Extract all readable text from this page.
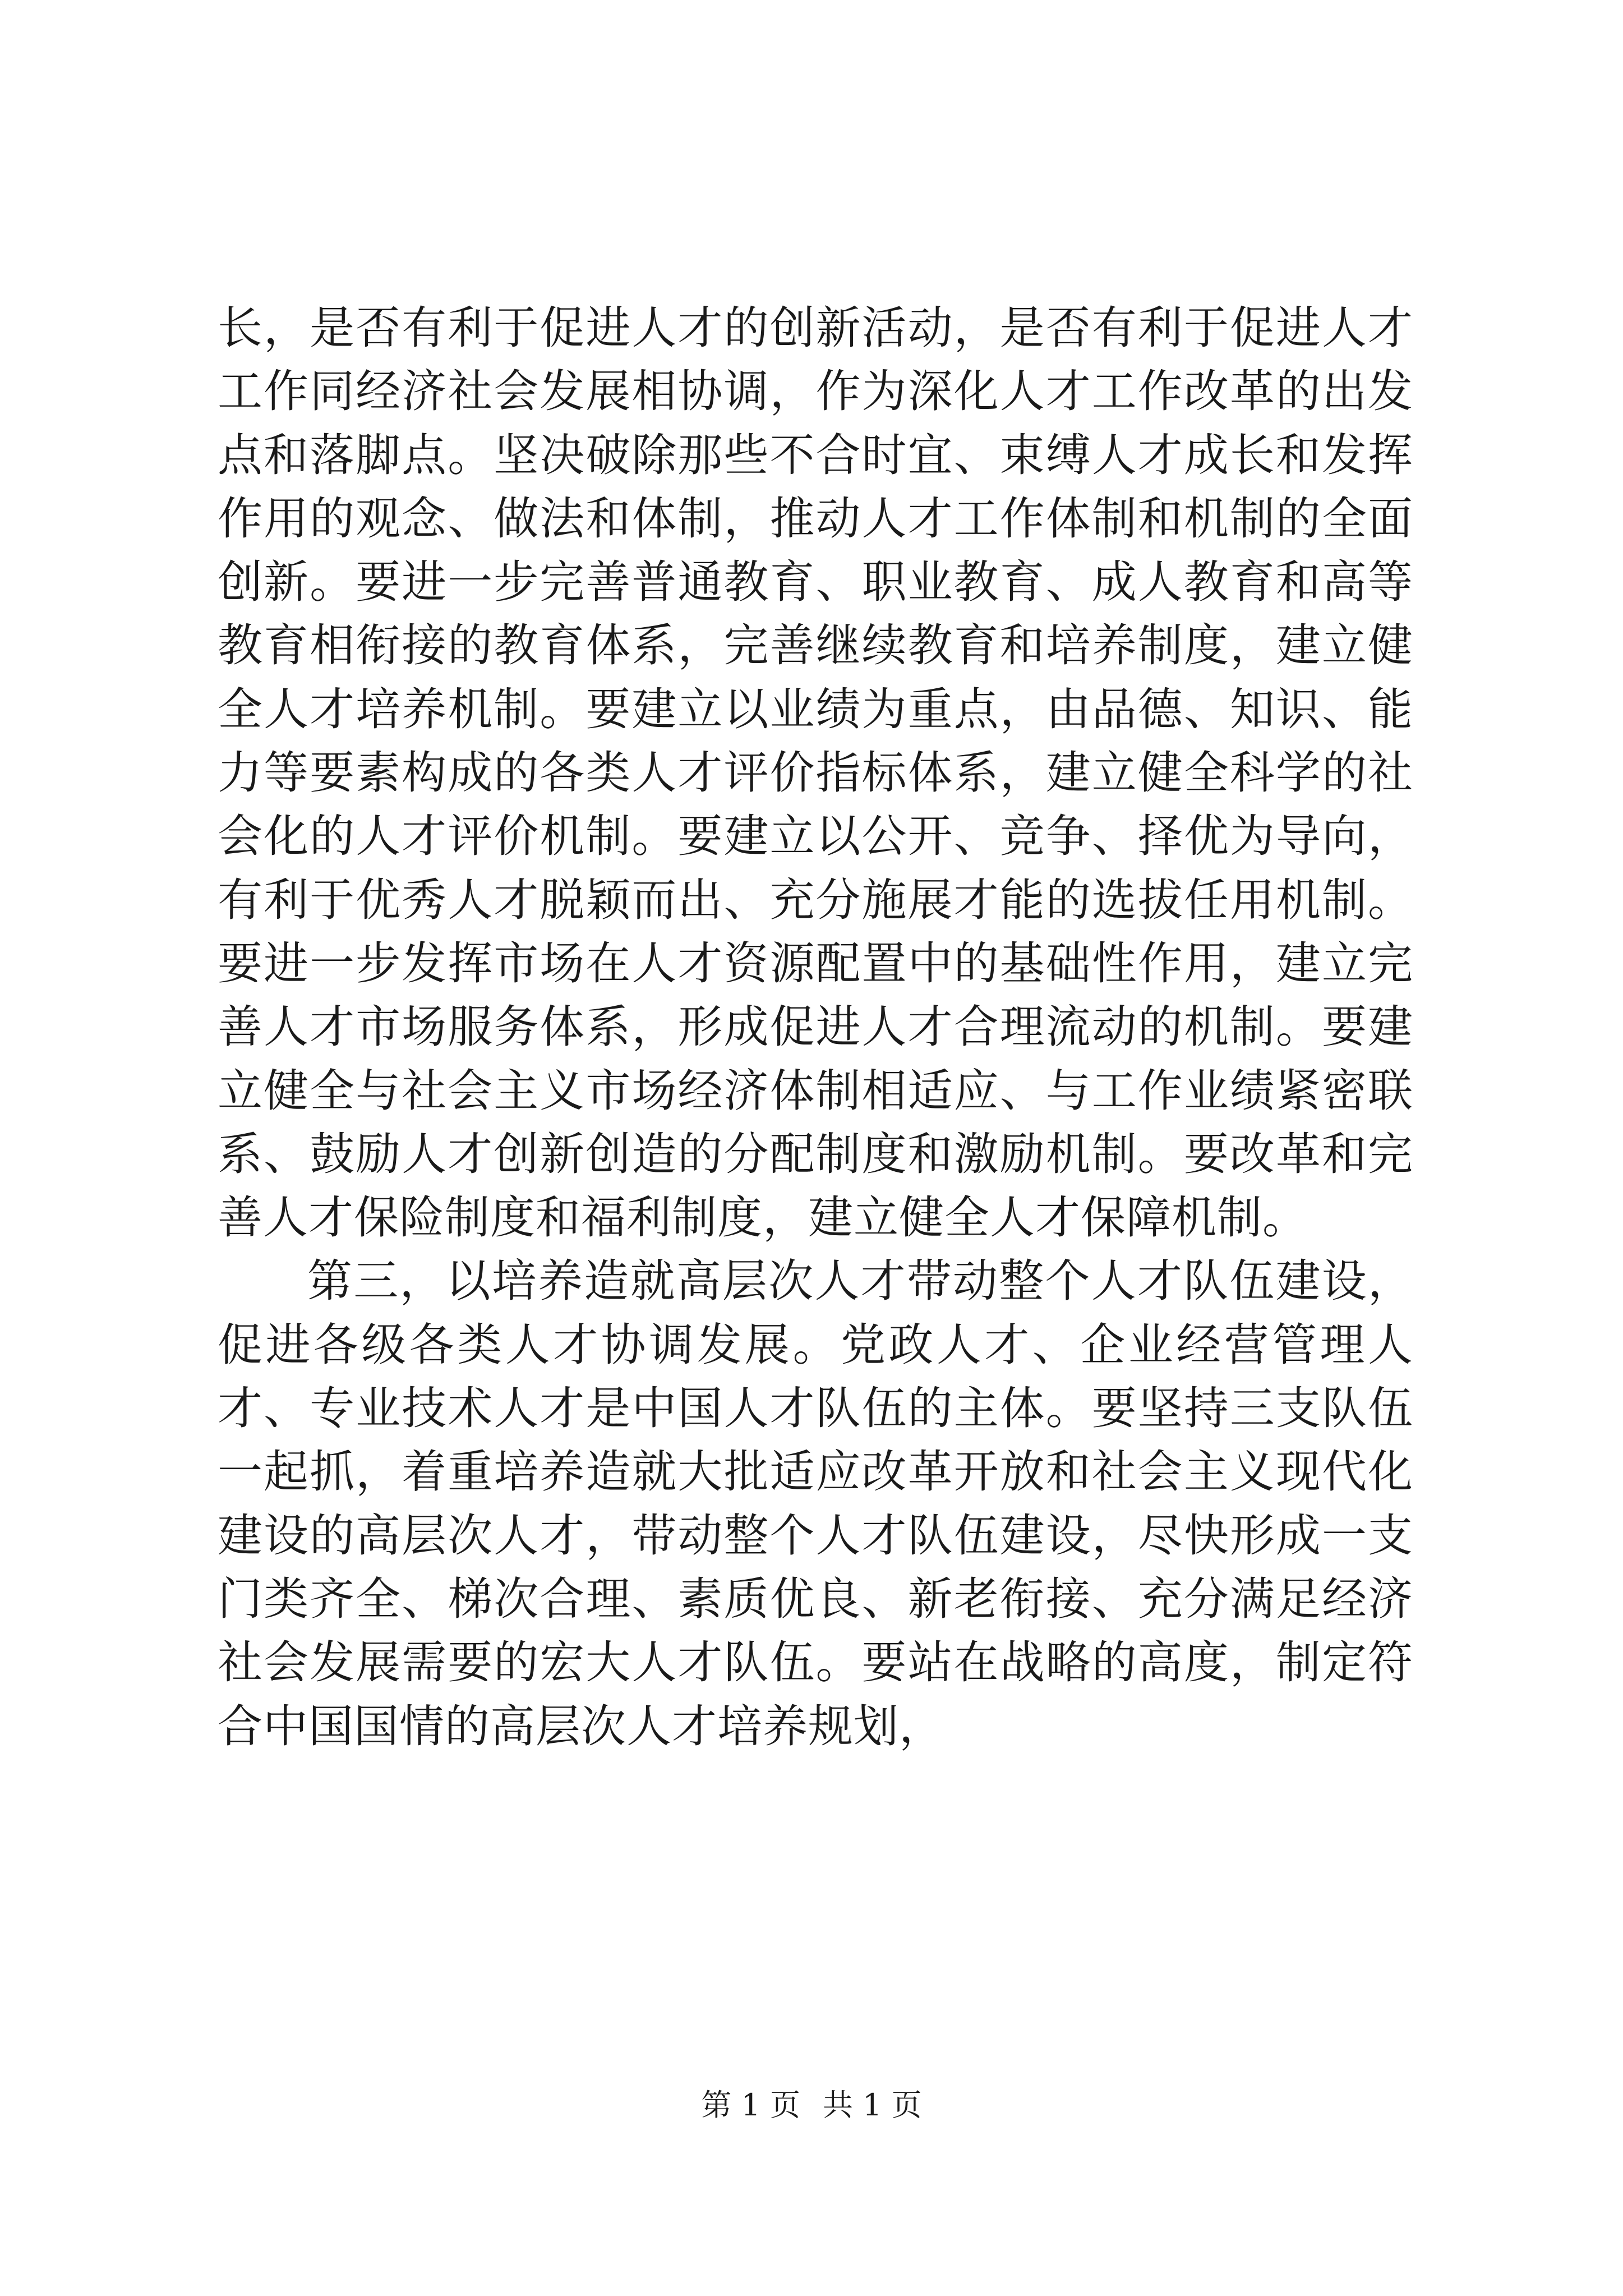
长，是否有利于促进人才的创新活动，是否有利于促进人才工作同经济社会发展相协调，作为深化人才工作改革的出发点和落脚点。坚决破除那些不合时宜、束缚人才成长和发挥作用的观念、做法和体制，推动人才工作体制和机制的全面创新。要进一步完善普通教育、职业教育、成人教育和高等教育相衔接的教育体系，完善继续教育和培养制度，建立健全人才培养机制。要建立以业绩为重点，由品德、知识、能力等要素构成的各类人才评价指标体系，建立健全科学的社会化的人才评价机制。要建立以公开、竞争、择优为导向，有利于优秀人才脱颖而出、充分施展才能的选拔任用机制。要进一步发挥市场在人才资源配置中的基础性作用，建立完善人才市场服务体系，形成促进人才合理流动的机制。要建立健全与社会主义市场经济体制相适应、与工作业绩紧密联系、鼓励人才创新创造的分配制度和激励机制。要改革和完善人才保险制度和福利制度，建立健全人才保障机制。

第三，以培养造就高层次人才带动整个人才队伍建设，促进各级各类人才协调发展。党政人才、企业经营管理人才、专业技术人才是中国人才队伍的主体。要坚持三支队伍一起抓，着重培养造就大批适应改革开放和社会主义现代化建设的高层次人才，带动整个人才队伍建设，尽快形成一支门类齐全、梯次合理、素质优良、新老衔接、充分满足经济社会发展需要的宏大人才队伍。要站在战略的高度，制定符合中国国情的高层次人才培养规划，

第 1 页 共 1 页
